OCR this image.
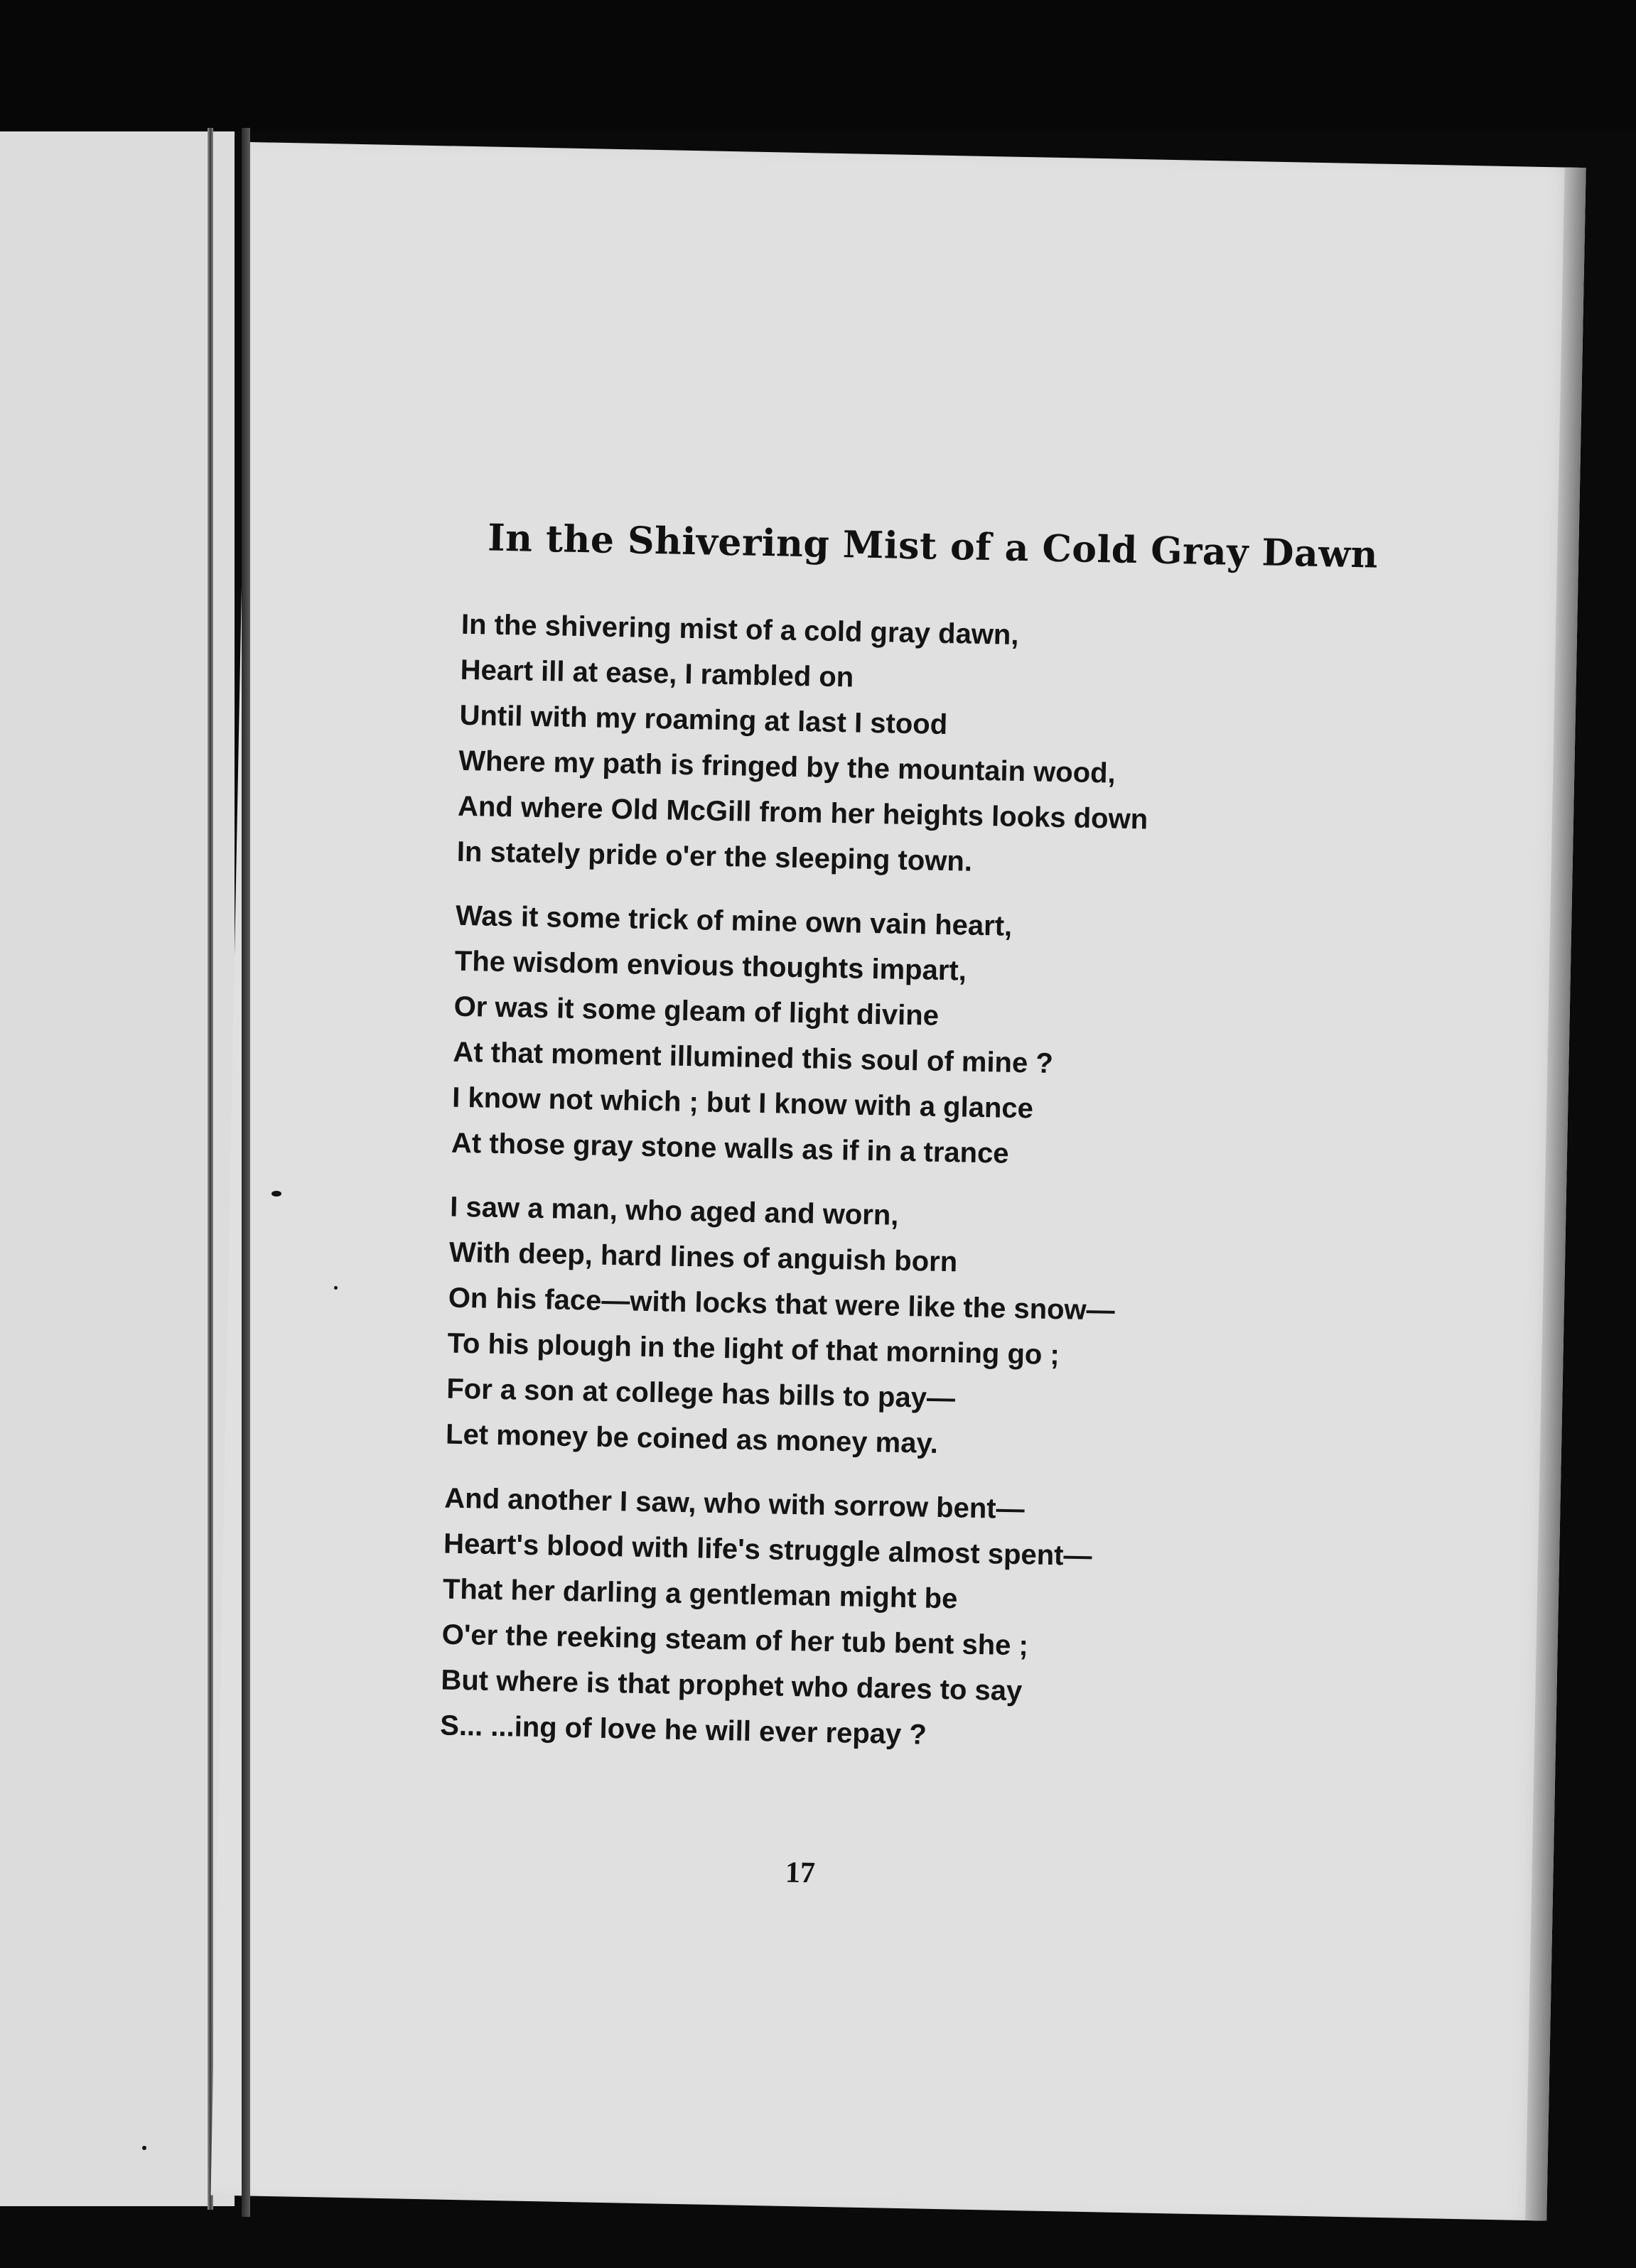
In the Shivering Mist of a Cold Gray Dawn
In the shivering mist of a cold gray dawn,
Heart ill at ease, I rambled on
Until with my roaming at last I stood
Where my path is fringed by the mountain wood,
And where Old McGill from her heights looks down
In stately pride o'er the sleeping town.
Was it some trick of mine own vain heart,
The wisdom envious thoughts impart,
Or was it some gleam of light divine
At that moment illumined this soul of mine ?
I know not which ; but I know with a glance
At those gray stone walls as if in a trance
I saw a man, who aged and worn,
With deep, hard lines of anguish born
On his face—with locks that were like the snow—
To his plough in the light of that morning go ;
For a son at college has bills to pay—
Let money be coined as money may.
And another I saw, who with sorrow bent—
Heart's blood with life's struggle almost spent—
That her darling a gentleman might be
O'er the reeking steam of her tub bent she ;
But where is that prophet who dares to say
S... ...ing of love he will ever repay ?
17
